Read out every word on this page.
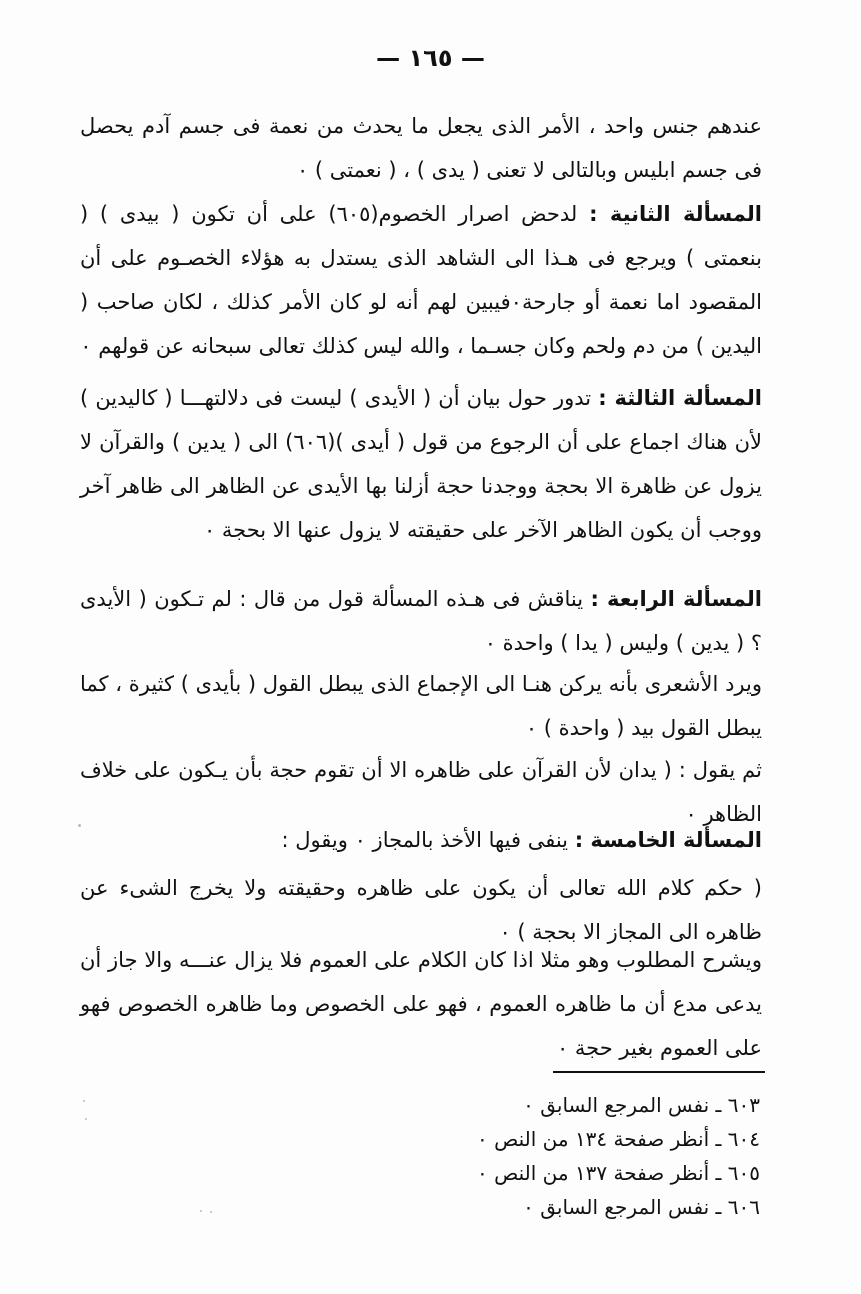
— ١٦٥ —

عندهم جنس واحد ، الأمر الذى يجعل ما يحدث من نعمة فى جسم آدم يحصل فى جسم ابليس وبالتالى لا تعنى ( يدى ) ، ( نعمتى ) ٠

المسألة الثانية : لدحض اصرار الخصوم(٦٠٥) على أن تكون ( بيدى ) ( بنعمتى ) ويرجع فى هـذا الى الشاهد الذى يستدل به هؤلاء الخصـوم على أن المقصود اما نعمة أو جارحة٠فيبين لهم أنه لو كان الأمر كذلك ، لكان صاحب ( اليدين ) من دم ولحم وكان جسـما ، والله ليس كذلك تعالى سبحانه عن قولهم ٠

المسألة الثالثة : تدور حول بيان أن ( الأيدى ) ليست فى دلالتهـــا ( كاليدين ) لأن هناك اجماع على أن الرجوع من قول ( أيدى )(٦٠٦) الى ( يدين ) والقرآن لا يزول عن ظاهرة الا بحجة ووجدنا حجة أزلنا بها الأيدى عن الظاهر الى ظاهر آخر ووجب أن يكون الظاهر الآخر على حقيقته لا يزول عنها الا بحجة ٠

المسألة الرابعة : يناقش فى هـذه المسألة قول من قال : لم تـكون ( الأيدى ؟ ( يدين ) وليس ( يدا ) واحدة ٠

ويرد الأشعرى بأنه يركن هنـا الى الإجماع الذى يبطل القول ( بأيدى ) كثيرة ، كما يبطل القول بيد ( واحدة ) ٠

ثم يقول : ( يدان لأن القرآن على ظاهره الا أن تقوم حجة بأن يـكون على خلاف الظاهر ٠

المسألة الخامسة : ينفى فيها الأخذ بالمجاز ٠ ويقول :

( حكم كلام الله تعالى أن يكون على ظاهره وحقيقته ولا يخرج الشىء عن ظاهره الى المجاز الا بحجة ) ٠

ويشرح المطلوب وهو مثلا اذا كان الكلام على العموم فلا يزال عنـــه والا جاز أن يدعى مدع أن ما ظاهره العموم ، فهو على الخصوص وما ظاهره الخصوص فهو على العموم بغير حجة ٠

٦٠٣ ـ نفس المرجع السابق ٠
٦٠٤ ـ أنظر صفحة ١٣٤ من النص ٠
٦٠٥ ـ أنظر صفحة ١٣٧ من النص ٠
٦٠٦ ـ نفس المرجع السابق ٠
